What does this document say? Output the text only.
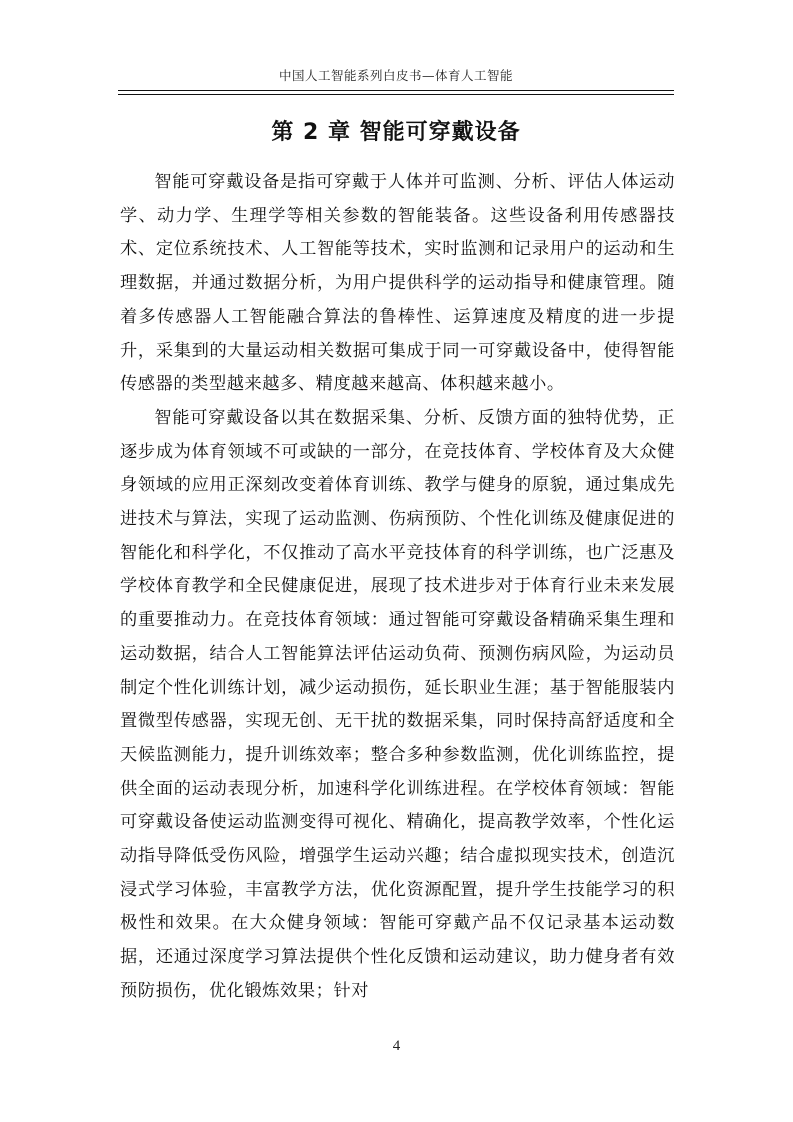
中国人工智能系列白皮书—体育人工智能
第 2 章 智能可穿戴设备

智能可穿戴设备是指可穿戴于人体并可监测、分析、评估人体运动学、动力学、生理学等相关参数的智能装备。这些设备利用传感器技术、定位系统技术、人工智能等技术，实时监测和记录用户的运动和生理数据，并通过数据分析，为用户提供科学的运动指导和健康管理。随着多传感器人工智能融合算法的鲁棒性、运算速度及精度的进一步提升，采集到的大量运动相关数据可集成于同一可穿戴设备中，使得智能传感器的类型越来越多、精度越来越高、体积越来越小。

智能可穿戴设备以其在数据采集、分析、反馈方面的独特优势，正逐步成为体育领域不可或缺的一部分，在竞技体育、学校体育及大众健身领域的应用正深刻改变着体育训练、教学与健身的原貌，通过集成先进技术与算法，实现了运动监测、伤病预防、个性化训练及健康促进的智能化和科学化，不仅推动了高水平竞技体育的科学训练，也广泛惠及学校体育教学和全民健康促进，展现了技术进步对于体育行业未来发展的重要推动力。在竞技体育领域：通过智能可穿戴设备精确采集生理和运动数据，结合人工智能算法评估运动负荷、预测伤病风险，为运动员制定个性化训练计划，减少运动损伤，延长职业生涯；基于智能服装内置微型传感器，实现无创、无干扰的数据采集，同时保持高舒适度和全天候监测能力，提升训练效率；整合多种参数监测，优化训练监控，提供全面的运动表现分析，加速科学化训练进程。在学校体育领域：智能可穿戴设备使运动监测变得可视化、精确化，提高教学效率，个性化运动指导降低受伤风险，增强学生运动兴趣；结合虚拟现实技术，创造沉浸式学习体验，丰富教学方法，优化资源配置，提升学生技能学习的积极性和效果。在大众健身领域：智能可穿戴产品不仅记录基本运动数据，还通过深度学习算法提供个性化反馈和运动建议，助力健身者有效预防损伤，优化锻炼效果；针对

4
